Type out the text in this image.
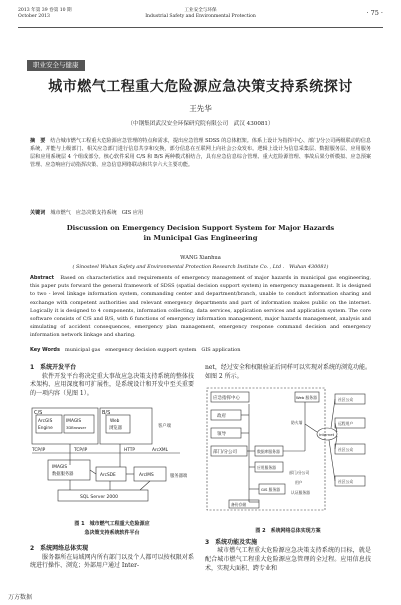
2013 年第 39 卷第 10 期
October 2013
工业安全与环保
Industrial Safety and Environmental Protection	· 75 ·
职业安全与健康
城市燃气工程重大危险源应急决策支持系统探讨
王先华
（中钢集团武汉安全环保研究院有限公司　武汉 430081）
摘　要　 结合城市燃气工程重大危险源应急管理的特点和需求，提出应急管理 SDSS 的总体框架。体系上设计为指挥中心、部门/分公司两级联动的信息系统，并能与上级部门、相关应急部门进行信息共享和交换，部分信息在互联网上向社会公众发布。逻辑上设计为信息采集层、数据服务层、应用服务层和应用系统层 4 个组成部分。核心软件采用 C/S 和 B/S 两种模式相结合，具有应急信息综合管理、重大危险源管理、事故后果分析模拟、应急预案管理、应急响应行动指挥决策、应急信息网络联动和共享六大主要功能。
关键词　 城市燃气　应急决策支持系统　GIS 应用
Discussion on Emergency Decision Support System for Major Hazards
in Municipal Gas Engineering
WANG Xianhua
( Sinosteel Wuhan Safety and Environmental Protection Research Institute Co. , Ltd .　Wuhan 430081)
Abstract　 Based on characteristics and requirements of emergency management of major hazards in municipal gas engineering, this paper puts forward the general framework of SDSS (spatial decision support system) in emergency management. It is designed to two - level linkage information system, commanding center and department/branch, unable to conduct information sharing and exchange with competent authorities and relevant emergency departments and part of information makes public on the internet. Logically it is designed to 4 components, information collecting, data services, application services and application system. The core software consists of C/S and B/S, with 6 functions of emergency information management, major hazards management, analysis and simulating of accident consequences, emergency plan management, emergency response command decision and emergency information network linkage and sharing.
Key Words　 municipal gas　emergency decision support system　GIS application
1　系统开发平台
软件开发平台将决定重大事故应急决策支持系统的整体技术架构、应用深度和可扩展性，是系统设计和开发中至关重要的一项内容（见图 1）。
C/S	B/S
ArcGIS
Engine
IMAGIS
3DBrowser
Web
浏览器	客户端
TCP/IP	TCP/IP	HTTP	ArcXML
IMAGIS
数据服务器	ArcSDE	ArcIMS	服务器端
SQL Server 2000
图 1　城市燃气工程重大危险源应
急决策支持系统软件平台
2　系统网络总体实现
服务器所在局域网内所有部门以及个人都可以按权限对系统进行操作、浏览；外部用户通过 Inter-
net，经过安全和权限验证后同样可以实现对系统的浏览功能。如图 2 所示。
应急指挥中心
政府
领导
部门/分公司	数据库服务器
应用服务器
GIS 服务器
备份存储
Web 服务器
Internet
社区公众
远程用户
社区公众
社区公众
防火墙
部门/分公司
用户
认证服务器
图 2　系统网络总体实现方案
3　系统功能及实施
城市燃气工程重大危险源应急决策支持系统的目标，就是配合城市燃气工程重大危险源应急管理的全过程。应用信息技术，实现大面积、跨专业和
万方数据
